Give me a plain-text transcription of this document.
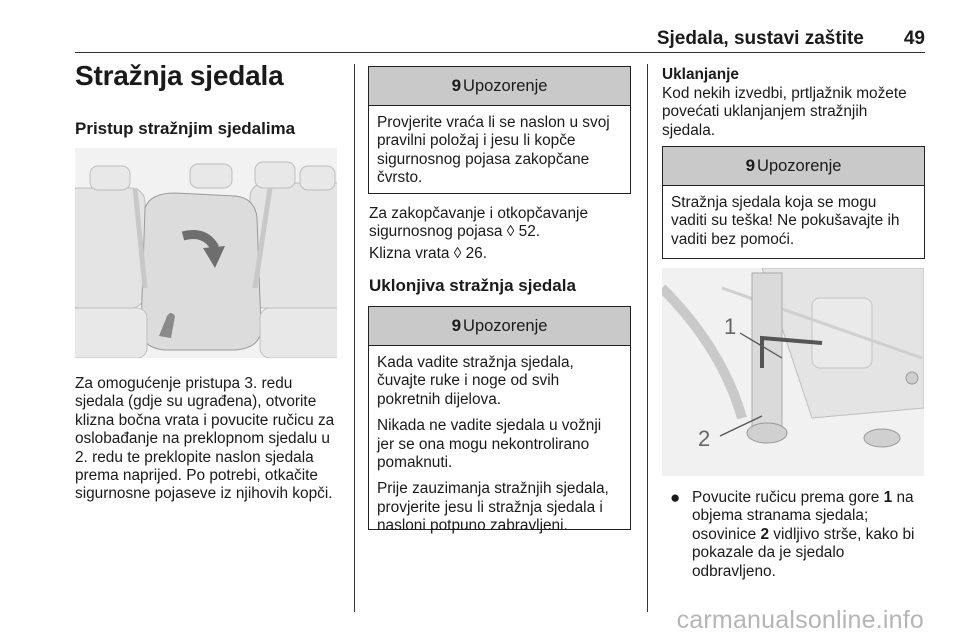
Sjedala, sustavi zaštite 49
Stražnja sjedala
Pristup stražnjim sjedalima

Za omogućenje pristupa 3. redu sjedala (gdje su ugrađena), otvorite klizna bočna vrata i povucite ručicu za oslobađanje na preklopnom sjedalu u 2. redu te preklopite naslon sjedala prema naprijed. Po potrebi, otkačite sigurnosne pojaseve iz njihovih kopči.

9 Upozorenje

Provjerite vraća li se naslon u svoj pravilni položaj i jesu li kopče sigurnosnog pojasa zakopčane čvrsto.

Za zakopčavanje i otkopčavanje sigurnosnog pojasa ◊ 52.

Klizna vrata ◊ 26.

Uklonjiva stražnja sjedala
9 Upozorenje

Kada vadite stražnja sjedala, čuvajte ruke i noge od svih pokretnih dijelova.

Nikada ne vadite sjedala u vožnji jer se ona mogu nekontrolirano pomaknuti.

Prije zauzimanja stražnjih sjedala, provjerite jesu li stražnja sjedala i nasloni potpuno zabravljeni.

Uklanjanje

Kod nekih izvedbi, prtljažnik možete povećati uklanjanjem stražnjih sjedala.

9 Upozorenje

Stražnja sjedala koja se mogu vaditi su teška! Ne pokušavajte ih vaditi bez pomoći.

1
2
● Povucite ručicu prema gore 1 na objema stranama sjedala; osovinice 2 vidljivo strše, kako bi pokazale da je sjedalo odbravljeno.

carmanualsonline.info
